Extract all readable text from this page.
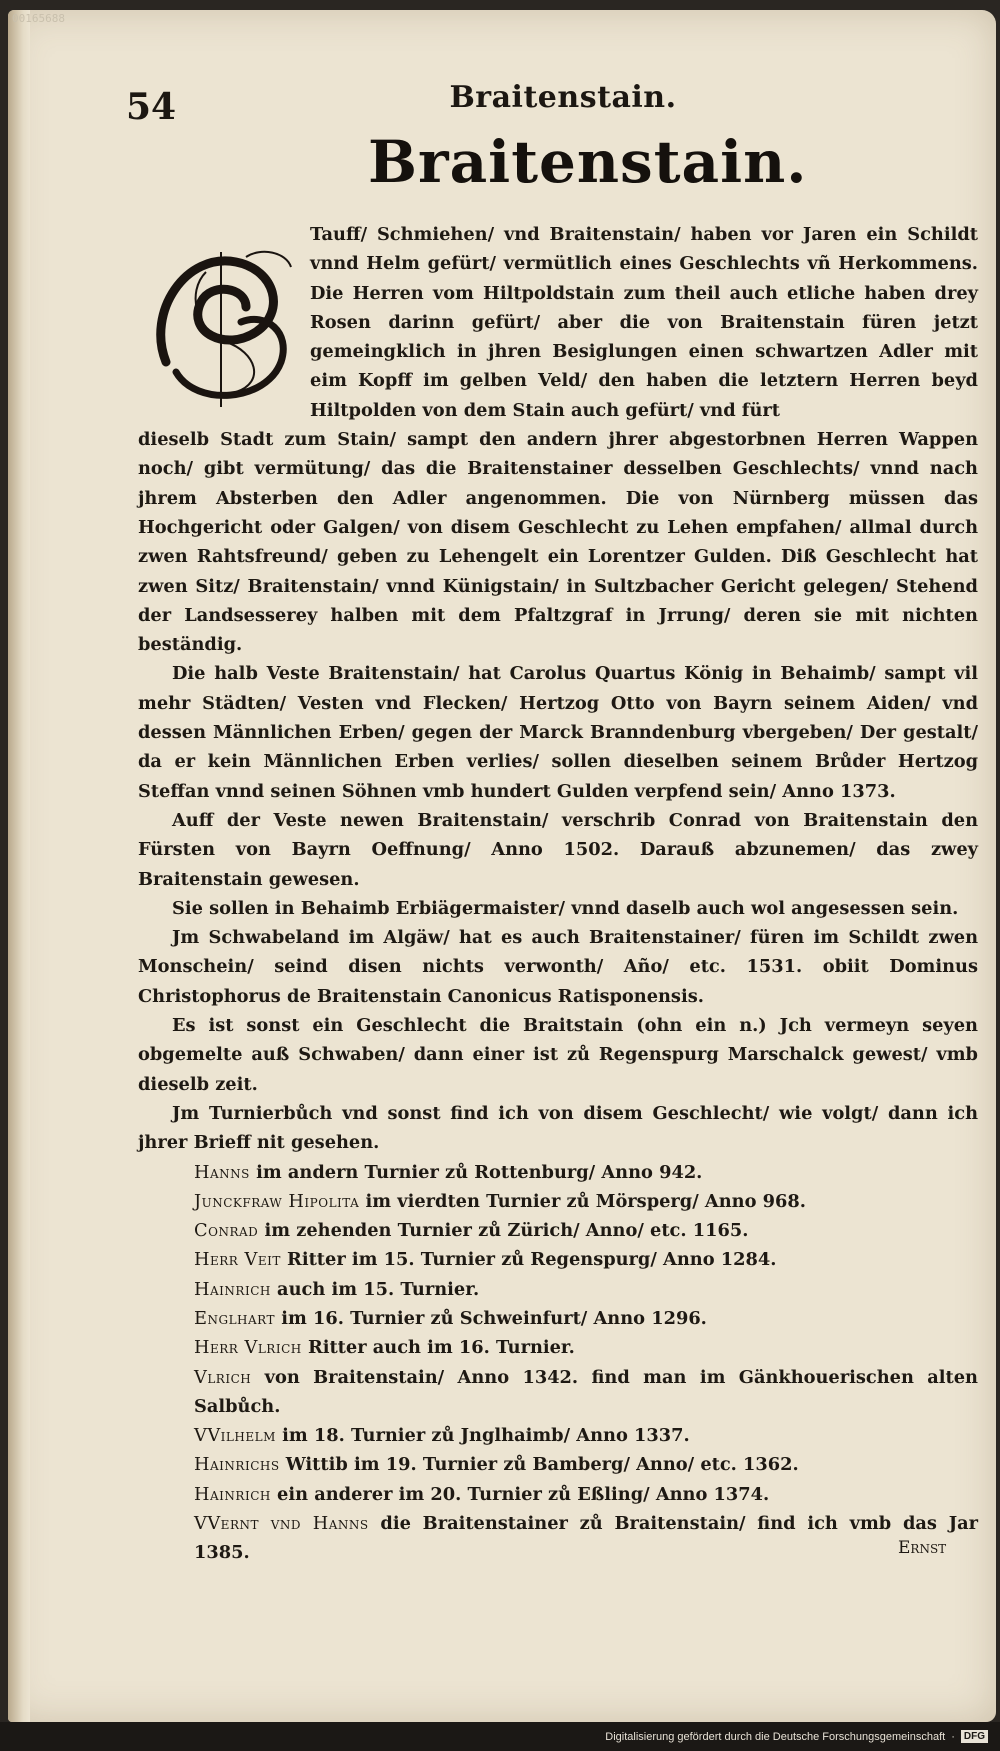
00165688
54	Braitenstain.
Braitenstain.
S

Tauff/ Schmiehen/ vnd Braitenstain/ haben vor Jaren ein Schildt vnnd Helm gefürt/ vermütlich eines Geschlechts vñ Herkommens. Die Herren vom Hiltpoldstain zum theil auch etliche haben drey Rosen darinn gefürt/ aber die von Braitenstain füren jetzt gemeingklich in jhren Besiglungen einen schwartzen Adler mit eim Kopff im gelben Veld/ den haben die letztern Herren beyd Hiltpolden von dem Stain auch gefürt/ vnd fürt

dieselb Stadt zum Stain/ sampt den andern jhrer abgestorbnen Herren Wappen noch/ gibt vermütung/ das die Braitenstainer desselben Geschlechts/ vnnd nach jhrem Absterben den Adler angenommen. Die von Nürnberg müssen das Hochgericht oder Galgen/ von disem Geschlecht zu Lehen empfahen/ allmal durch zwen Rahtsfreund/ geben zu Lehengelt ein Lorentzer Gulden. Diß Geschlecht hat zwen Sitz/ Braitenstain/ vnnd Künigstain/ in Sultzbacher Gericht gelegen/ Stehend der Landsesserey halben mit dem Pfaltzgraf in Jrrung/ deren sie mit nichten beständig.

Die halb Veste Braitenstain/ hat Carolus Quartus König in Behaimb/ sampt vil mehr Städten/ Vesten vnd Flecken/ Hertzog Otto von Bayrn seinem Aiden/ vnd dessen Männlichen Erben/ gegen der Marck Branndenburg vbergeben/ Der gestalt/ da er kein Männlichen Erben verlies/ sollen dieselben seinem Brůder Hertzog Steffan vnnd seinen Söhnen vmb hundert Gulden verpfend sein/ Anno 1373.

Auff der Veste newen Braitenstain/ verschrib Conrad von Braitenstain den Fürsten von Bayrn Oeffnung/ Anno 1502. Darauß abzunemen/ das zwey Braitenstain gewesen.

Sie sollen in Behaimb Erbiägermaister/ vnnd daselb auch wol angesessen sein.

Jm Schwabeland im Algäw/ hat es auch Braitenstainer/ füren im Schildt zwen Monschein/ seind disen nichts verwonth/ Año/ etc. 1531. obiit Dominus Christophorus de Braitenstain Canonicus Ratisponensis.

Es ist sonst ein Geschlecht die Braitstain (ohn ein n.) Jch vermeyn seyen obgemelte auß Schwaben/ dann einer ist zů Regenspurg Marschalck gewest/ vmb dieselb zeit.

Jm Turnierbůch vnd sonst find ich von disem Geschlecht/ wie volgt/ dann ich jhrer Brieff nit gesehen.

Hanns im andern Turnier zů Rottenburg/ Anno 942.
Junckfraw Hipolita im vierdten Turnier zů Mörsperg/ Anno 968.
Conrad im zehenden Turnier zů Zürich/ Anno/ etc. 1165.
Herr Veit Ritter im 15. Turnier zů Regenspurg/ Anno 1284.
Hainrich auch im 15. Turnier.
Englhart im 16. Turnier zů Schweinfurt/ Anno 1296.
Herr Vlrich Ritter auch im 16. Turnier.
Vlrich von Braitenstain/ Anno 1342. find man im Gänkhouerischen alten Salbůch.
VVilhelm im 18. Turnier zů Jnglhaimb/ Anno 1337.
Hainrichs Wittib im 19. Turnier zů Bamberg/ Anno/ etc. 1362.
Hainrich ein anderer im 20. Turnier zů Eßling/ Anno 1374.
VVernt vnd Hanns die Braitenstainer zů Braitenstain/ find ich vmb das Jar 1385.	Ernst
Digitalisierung gefördert durch die Deutsche Forschungsgemeinschaft · DFG
